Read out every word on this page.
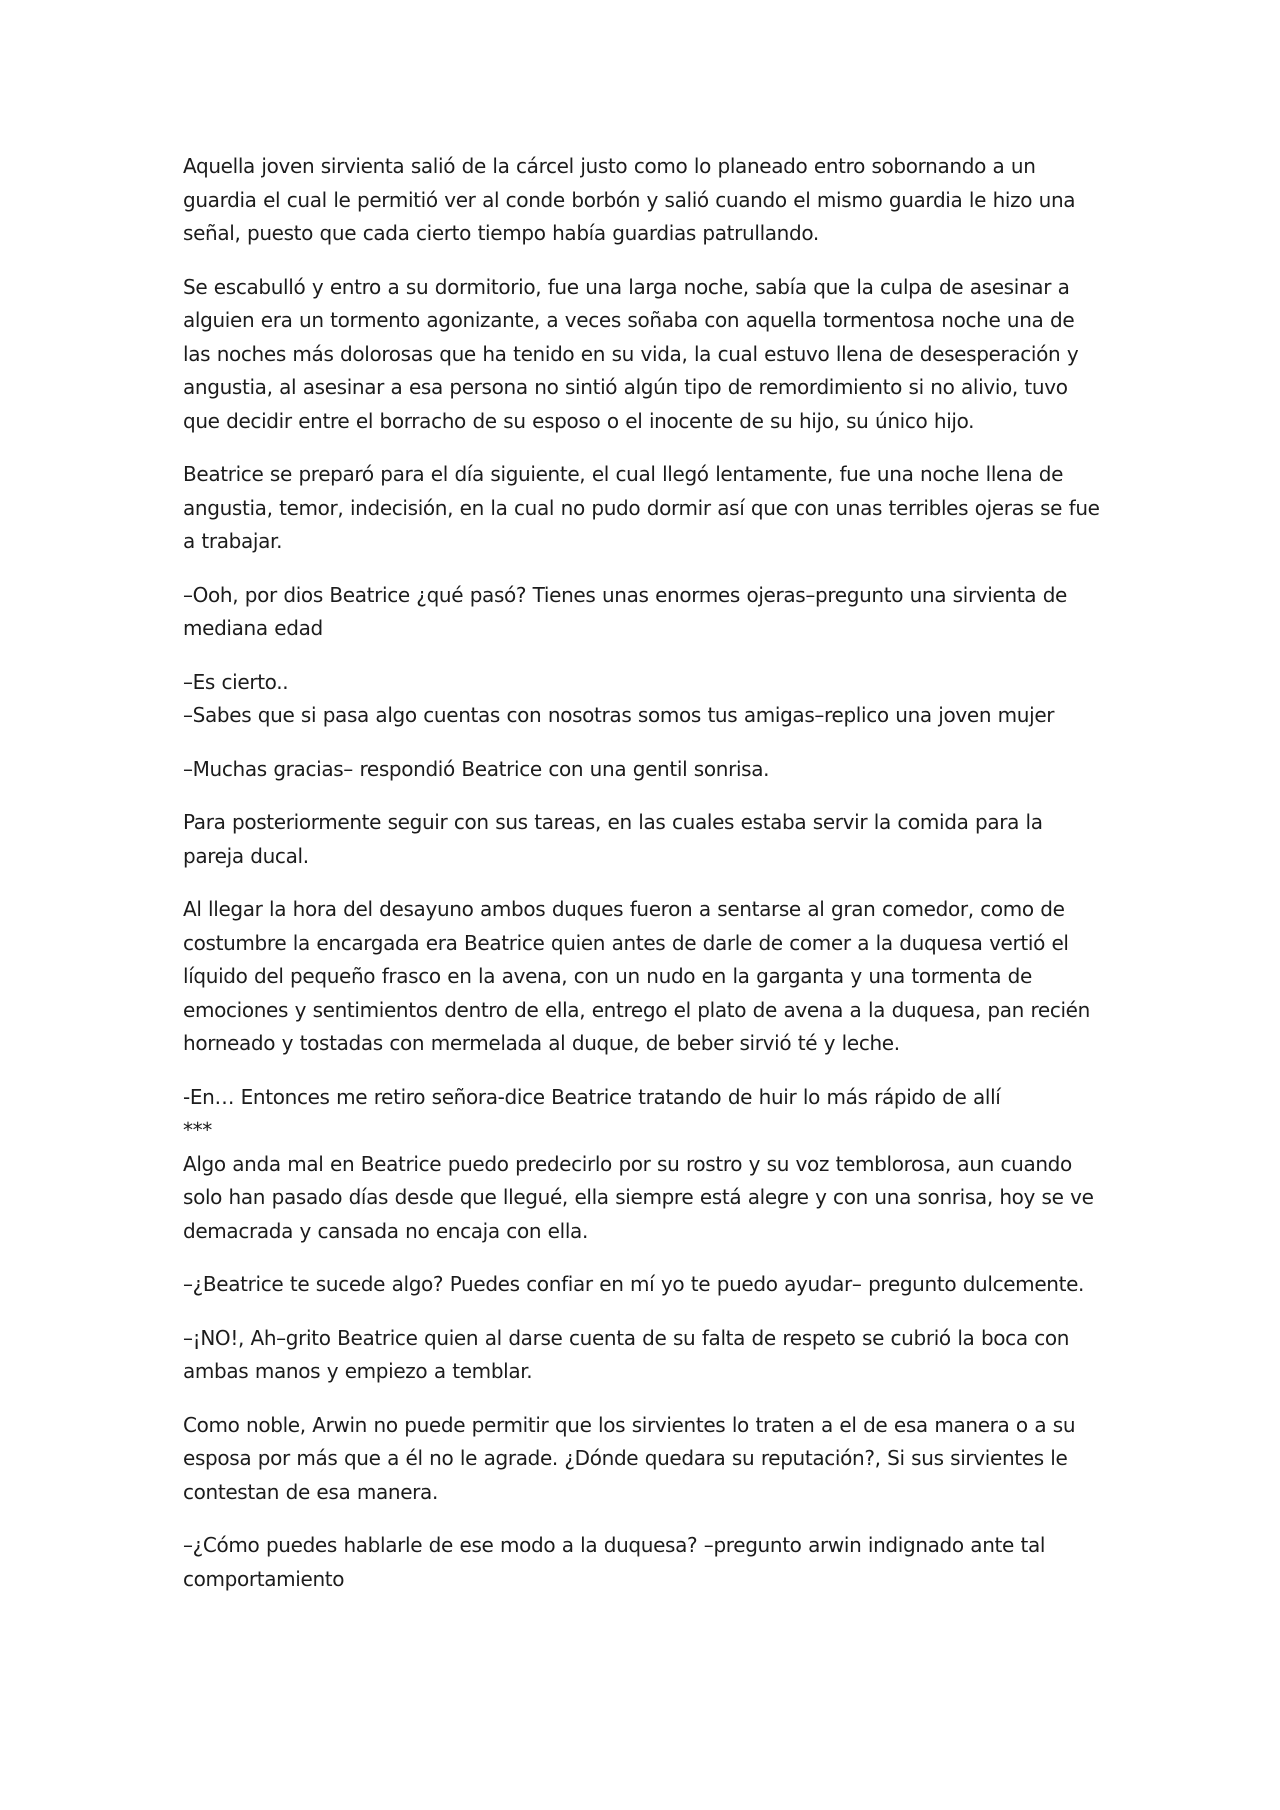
Aquella joven sirvienta salió de la cárcel justo como lo planeado entro sobornando a un guardia el cual le permitió ver al conde borbón y salió cuando el mismo guardia le hizo una señal, puesto que cada cierto tiempo había guardias patrullando.

Se escabulló y entro a su dormitorio, fue una larga noche, sabía que la culpa de asesinar a alguien era un tormento agonizante, a veces soñaba con aquella tormentosa noche una de las noches más dolorosas que ha tenido en su vida, la cual estuvo llena de desesperación y angustia, al asesinar a esa persona no sintió algún tipo de remordimiento si no alivio, tuvo que decidir entre el borracho de su esposo o el inocente de su hijo, su único hijo.

Beatrice se preparó para el día siguiente, el cual llegó lentamente, fue una noche llena de angustia, temor, indecisión, en la cual no pudo dormir así que con unas terribles ojeras se fue a trabajar.

–Ooh, por dios Beatrice ¿qué pasó? Tienes unas enormes ojeras–pregunto una sirvienta de mediana edad

–Es cierto..
–Sabes que si pasa algo cuentas con nosotras somos tus amigas–replico una joven mujer

–Muchas gracias– respondió Beatrice con una gentil sonrisa.

Para posteriormente seguir con sus tareas, en las cuales estaba servir la comida para la pareja ducal.

Al llegar la hora del desayuno ambos duques fueron a sentarse al gran comedor, como de costumbre la encargada era Beatrice quien antes de darle de comer a la duquesa vertió el líquido del pequeño frasco en la avena, con un nudo en la garganta y una tormenta de emociones y sentimientos dentro de ella, entrego el plato de avena a la duquesa, pan recién horneado y tostadas con mermelada al duque, de beber sirvió té y leche.

-En… Entonces me retiro señora-dice Beatrice tratando de huir lo más rápido de allí
***
Algo anda mal en Beatrice puedo predecirlo por su rostro y su voz temblorosa, aun cuando solo han pasado días desde que llegué, ella siempre está alegre y con una sonrisa, hoy se ve demacrada y cansada no encaja con ella.

–¿Beatrice te sucede algo? Puedes confiar en mí yo te puedo ayudar– pregunto dulcemente.

–¡NO!, Ah–grito Beatrice quien al darse cuenta de su falta de respeto se cubrió la boca con ambas manos y empiezo a temblar.

Como noble, Arwin no puede permitir que los sirvientes lo traten a el de esa manera o a su esposa por más que a él no le agrade. ¿Dónde quedara su reputación?, Si sus sirvientes le contestan de esa manera.

–¿Cómo puedes hablarle de ese modo a la duquesa? –pregunto arwin indignado ante tal comportamiento
